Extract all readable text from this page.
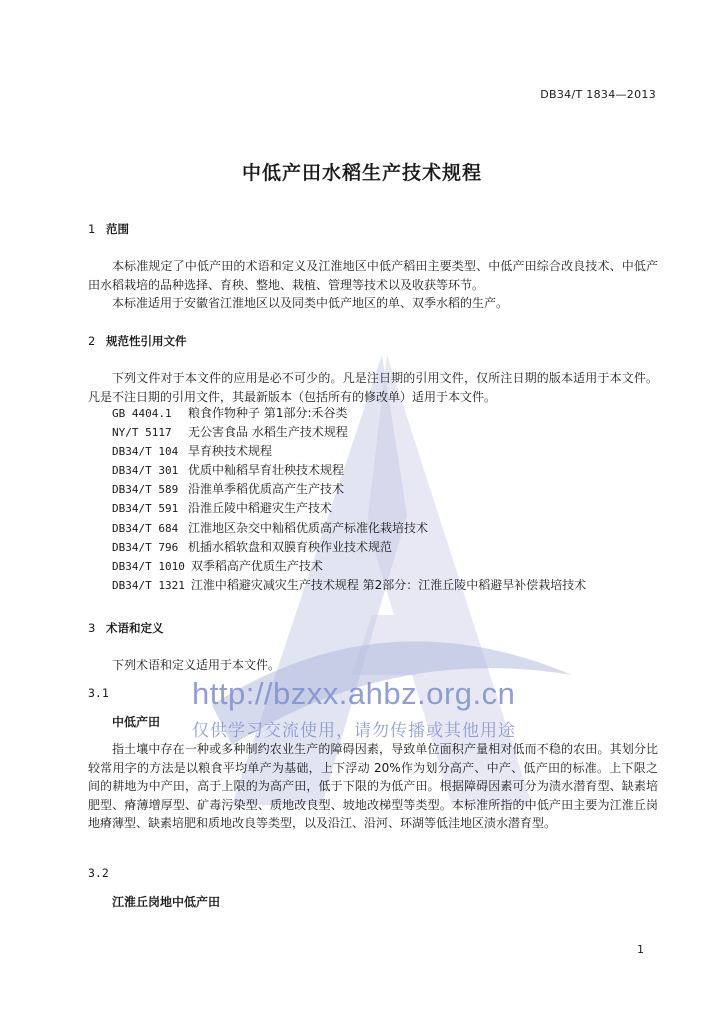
DB34/T 1834—2013
中低产田水稻生产技术规程
1 范围

本标准规定了中低产田的术语和定义及江淮地区中低产稻田主要类型、中低产田综合改良技术、中低产田水稻栽培的品种选择、育秧、整地、栽植、管理等技术以及收获等环节。

本标准适用于安徽省江淮地区以及同类中低产地区的单、双季水稻的生产。

2 规范性引用文件

下列文件对于本文件的应用是必不可少的。凡是注日期的引用文件，仅所注日期的版本适用于本文件。凡是不注日期的引用文件，其最新版本（包括所有的修改单）适用于本文件。

GB 4404.1 粮食作物种子 第1部分:禾谷类
NY/T 5117 无公害食品 水稻生产技术规程
DB34/T 104 旱育秧技术规程
DB34/T 301 优质中籼稻旱育壮秧技术规程
DB34/T 589 沿淮单季稻优质高产生产技术
DB34/T 591 沿淮丘陵中稻避灾生产技术
DB34/T 684 江淮地区杂交中籼稻优质高产标准化栽培技术
DB34/T 796 机插水稻软盘和双膜育秧作业技术规范
DB34/T 1010 双季稻高产优质生产技术
DB34/T 1321 江淮中稻避灾减灾生产技术规程 第2部分：江淮丘陵中稻避旱补偿栽培技术
3 术语和定义

下列术语和定义适用于本文件。

3.1
中低产田

指土壤中存在一种或多种制约农业生产的障碍因素，导致单位面积产量相对低而不稳的农田。其划分比较常用字的方法是以粮食平均单产为基础，上下浮动 20%作为划分高产、中产、低产田的标准。上下限之间的耕地为中产田，高于上限的为高产田，低于下限的为低产田。根据障碍因素可分为渍水潜育型、缺素培肥型、瘠薄增厚型、矿毒污染型、质地改良型、坡地改梯型等类型。本标准所指的中低产田主要为江淮丘岗地瘠薄型、缺素培肥和质地改良等类型，以及沿江、沿河、环湖等低洼地区渍水潜育型。

3.2
江淮丘岗地中低产田
http://bzxx.ahbz.org.cn
仅供学习交流使用，请勿传播或其他用途
1
